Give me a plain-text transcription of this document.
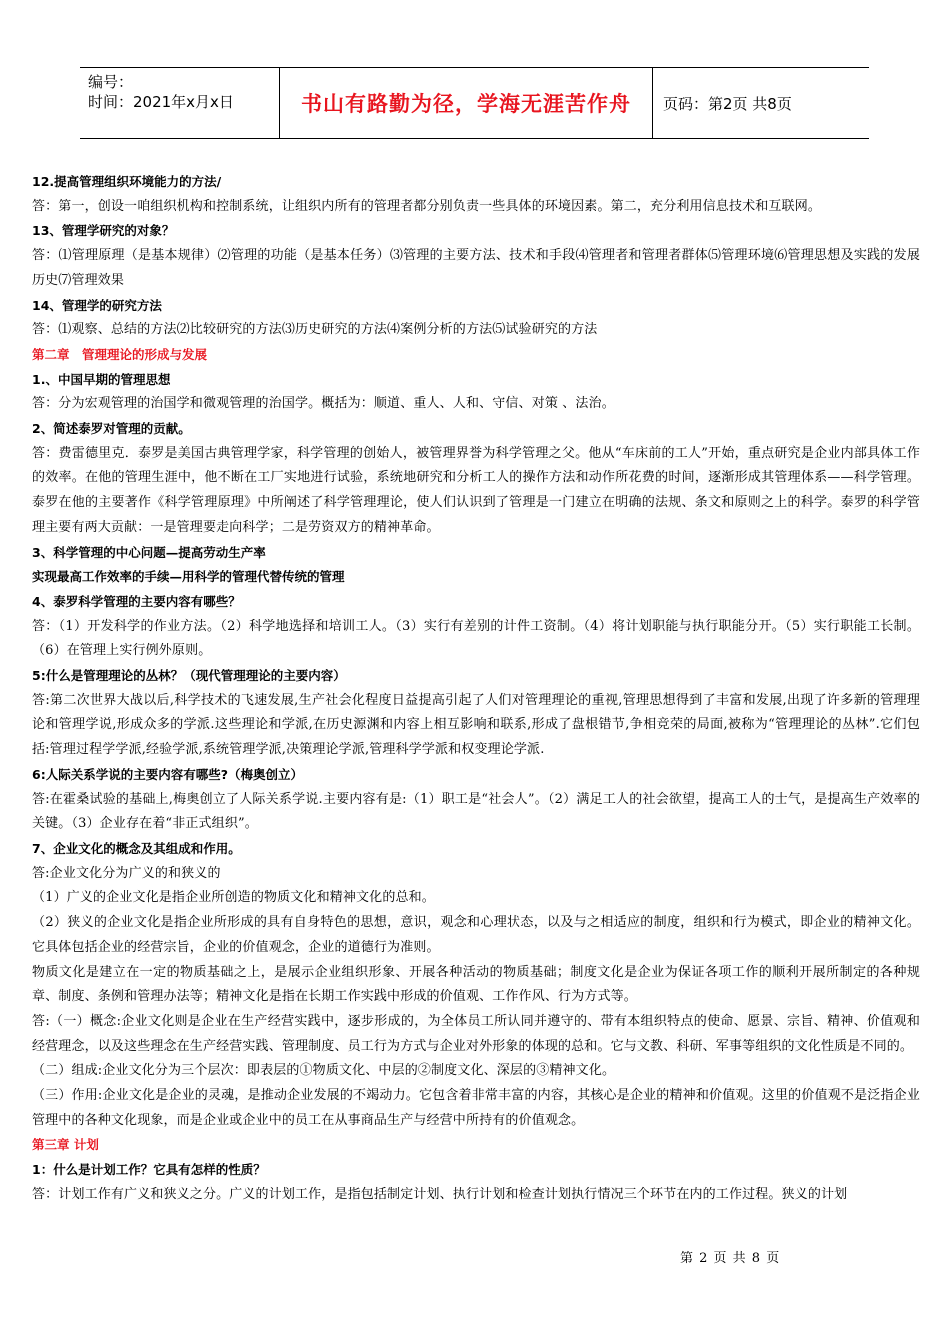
编号：
时间：2021年x月x日	书山有路勤为径，学海无涯苦作舟 页码：第2页 共8页

12.提高管理组织环境能力的方法/

答：第一，创设一咱组织机构和控制系统，让组织内所有的管理者都分别负责一些具体的环境因素。第二，充分利用信息技术和互联网。

13、管理学研究的对象？

答：⑴管理原理（是基本规律）⑵管理的功能（是基本任务）⑶管理的主要方法、技术和手段⑷管理者和管理者群体⑸管理环境⑹管理思想及实践的发展历史⑺管理效果

14、管理学的研究方法

答：⑴观察、总结的方法⑵比较研究的方法⑶历史研究的方法⑷案例分析的方法⑸试验研究的方法

第二章　管理理论的形成与发展

1.、中国早期的管理思想

答：分为宏观管理的治国学和微观管理的治国学。概括为：顺道、重人、人和、守信、对策 、法治。

2、简述泰罗对管理的贡献。

答：费雷德里克．泰罗是美国古典管理学家，科学管理的创始人，被管理界誉为科学管理之父。他从“车床前的工人”开始，重点研究是企业内部具体工作的效率。在他的管理生涯中，他不断在工厂实地进行试验，系统地研究和分析工人的操作方法和动作所花费的时间，逐渐形成其管理体系——科学管理。泰罗在他的主要著作《科学管理原理》中所阐述了科学管理理论，使人们认识到了管理是一门建立在明确的法规、条文和原则之上的科学。泰罗的科学管理主要有两大贡献：一是管理要走向科学；二是劳资双方的精神革命。

3、科学管理的中心问题—提高劳动生产率

实现最高工作效率的手续—用科学的管理代替传统的管理

4、泰罗科学管理的主要内容有哪些？

答：（1）开发科学的作业方法。（2）科学地选择和培训工人。（3）实行有差别的计件工资制。（4）将计划职能与执行职能分开。（5）实行职能工长制。（6）在管理上实行例外原则。

5:什么是管理理论的丛林？（现代管理理论的主要内容）

答:第二次世界大战以后,科学技术的飞速发展,生产社会化程度日益提高引起了人们对管理理论的重视,管理思想得到了丰富和发展,出现了许多新的管理理论和管理学说,形成众多的学派.这些理论和学派,在历史源渊和内容上相互影响和联系,形成了盘根错节,争相竞荣的局面,被称为“管理理论的丛林”.它们包括:管理过程学学派,经验学派,系统管理学派,决策理论学派,管理科学学派和权变理论学派.

6:人际关系学说的主要内容有哪些?（梅奥创立）

答:在霍桑试验的基础上,梅奥创立了人际关系学说.主要内容有是:（1）职工是“社会人”。（2）满足工人的社会欲望，提高工人的士气，是提高生产效率的关键。（3）企业存在着“非正式组织”。

7、企业文化的概念及其组成和作用。

答:企业文化分为广义的和狭义的

（1）广义的企业文化是指企业所创造的物质文化和精神文化的总和。

（2）狭义的企业文化是指企业所形成的具有自身特色的思想，意识，观念和心理状态，以及与之相适应的制度，组织和行为模式，即企业的精神文化。它具体包括企业的经营宗旨，企业的价值观念，企业的道德行为准则。

物质文化是建立在一定的物质基础之上，是展示企业组织形象、开展各种活动的物质基础；制度文化是企业为保证各项工作的顺利开展所制定的各种规章、制度、条例和管理办法等；精神文化是指在长期工作实践中形成的价值观、工作作风、行为方式等。

答:（一）概念:企业文化则是企业在生产经营实践中，逐步形成的，为全体员工所认同并遵守的、带有本组织特点的使命、愿景、宗旨、精神、价值观和经营理念，以及这些理念在生产经营实践、管理制度、员工行为方式与企业对外形象的体现的总和。它与文教、科研、军事等组织的文化性质是不同的。

（二）组成:企业文化分为三个层次：即表层的①物质文化、中层的②制度文化、深层的③精神文化。

（三）作用:企业文化是企业的灵魂，是推动企业发展的不竭动力。它包含着非常丰富的内容，其核心是企业的精神和价值观。这里的价值观不是泛指企业管理中的各种文化现象，而是企业或企业中的员工在从事商品生产与经营中所持有的价值观念。

第三章 计划

1：什么是计划工作？它具有怎样的性质？

答：计划工作有广义和狭义之分。广义的计划工作，是指包括制定计划、执行计划和检查计划执行情况三个环节在内的工作过程。狭义的计划

第 2 页 共 8 页
